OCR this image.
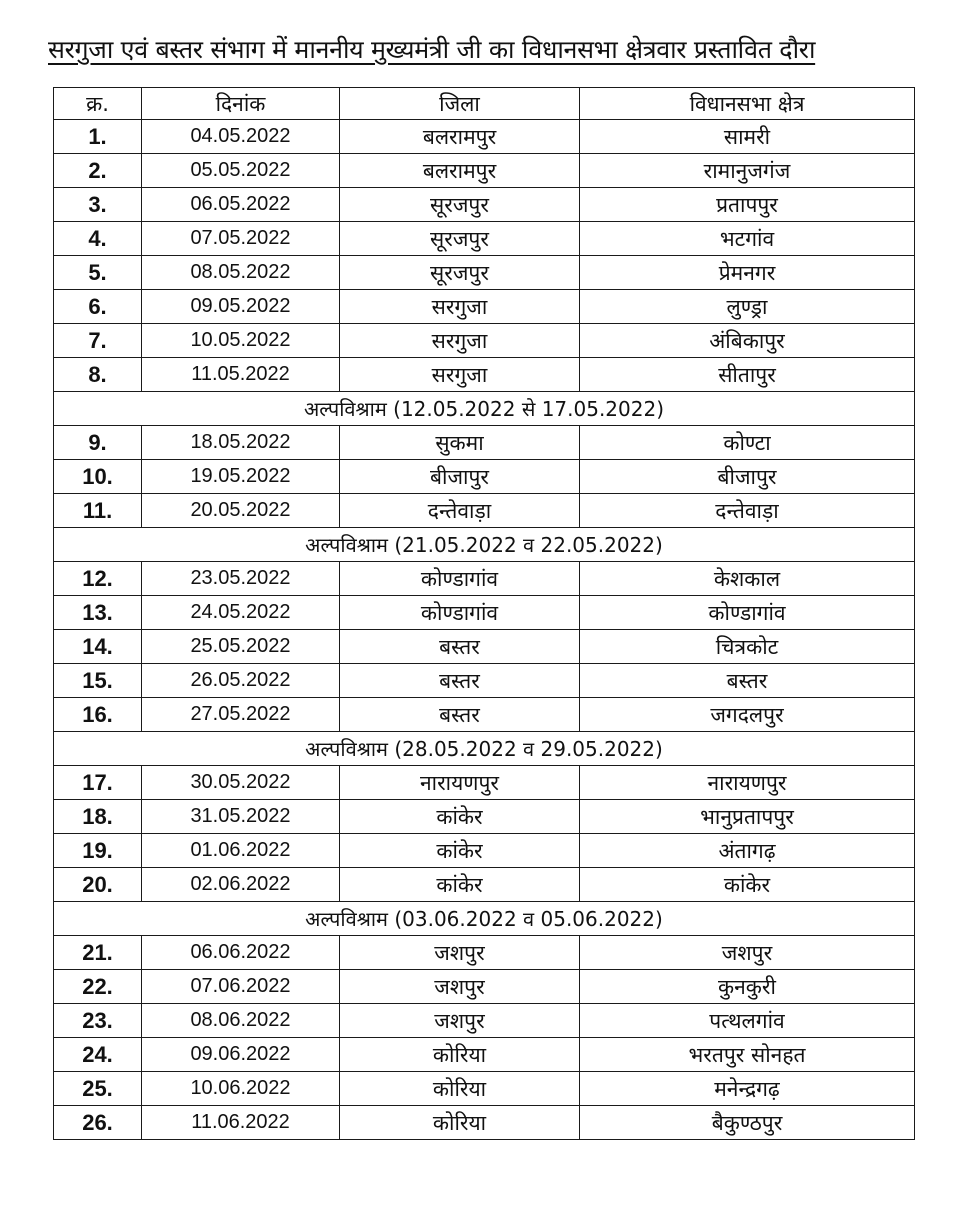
सरगुजा एवं बस्तर संभाग में माननीय मुख्यमंत्री जी का विधानसभा क्षेत्रवार प्रस्तावित दौरा
क्र.	दिनांक	जिला	विधानसभा क्षेत्र
1.	04.05.2022	बलरामपुर	सामरी
2.	05.05.2022	बलरामपुर	रामानुजगंज
3.	06.05.2022	सूरजपुर	प्रतापपुर
4.	07.05.2022	सूरजपुर	भटगांव
5.	08.05.2022	सूरजपुर	प्रेमनगर
6.	09.05.2022	सरगुजा	लुण्ड्रा
7.	10.05.2022	सरगुजा	अंबिकापुर
8.	11.05.2022	सरगुजा	सीतापुर
अल्पविश्राम (12.05.2022 से 17.05.2022)			
9.	18.05.2022	सुकमा	कोण्टा
10.	19.05.2022	बीजापुर	बीजापुर
11.	20.05.2022	दन्तेवाड़ा	दन्तेवाड़ा
अल्पविश्राम (21.05.2022 व 22.05.2022)			
12.	23.05.2022	कोण्डागांव	केशकाल
13.	24.05.2022	कोण्डागांव	कोण्डागांव
14.	25.05.2022	बस्तर	चित्रकोट
15.	26.05.2022	बस्तर	बस्तर
16.	27.05.2022	बस्तर	जगदलपुर
अल्पविश्राम (28.05.2022 व 29.05.2022)			
17.	30.05.2022	नारायणपुर	नारायणपुर
18.	31.05.2022	कांकेर	भानुप्रतापपुर
19.	01.06.2022	कांकेर	अंतागढ़
20.	02.06.2022	कांकेर	कांकेर
अल्पविश्राम (03.06.2022 व 05.06.2022)			
21.	06.06.2022	जशपुर	जशपुर
22.	07.06.2022	जशपुर	कुनकुरी
23.	08.06.2022	जशपुर	पत्थलगांव
24.	09.06.2022	कोरिया	भरतपुर सोनहत
25.	10.06.2022	कोरिया	मनेन्द्रगढ़
26.	11.06.2022	कोरिया	बैकुण्ठपुर
